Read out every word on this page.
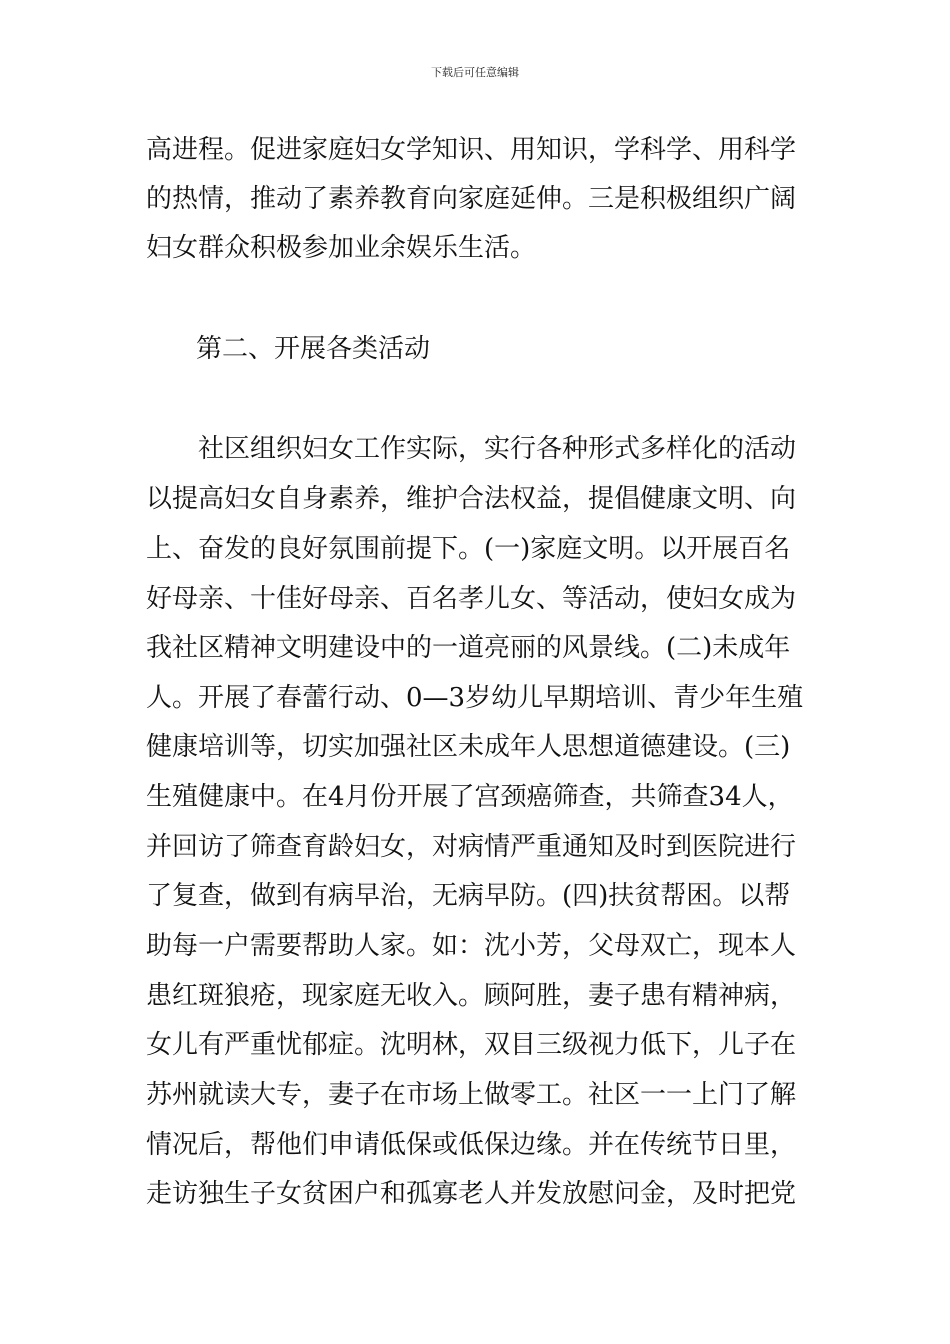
下载后可任意编辑
高进程。促进家庭妇女学知识、用知识，学科学、用科学
的热情，推动了素养教育向家庭延伸。三是积极组织广阔
妇女群众积极参加业余娱乐生活。
第二、开展各类活动
　　社区组织妇女工作实际，实行各种形式多样化的活动
以提高妇女自身素养，维护合法权益，提倡健康文明、向
上、奋发的良好氛围前提下。(一)家庭文明。以开展百名
好母亲、十佳好母亲、百名孝儿女、等活动，使妇女成为
我社区精神文明建设中的一道亮丽的风景线。(二)未成年
人。开展了春蕾行动、0—3岁幼儿早期培训、青少年生殖
健康培训等，切实加强社区未成年人思想道德建设。(三)
生殖健康中。在4月份开展了宫颈癌筛查，共筛查34人，
并回访了筛查育龄妇女，对病情严重通知及时到医院进行
了复查，做到有病早治，无病早防。(四)扶贫帮困。以帮
助每一户需要帮助人家。如：沈小芳，父母双亡，现本人
患红斑狼疮，现家庭无收入。顾阿胜，妻子患有精神病，
女儿有严重忧郁症。沈明林，双目三级视力低下，儿子在
苏州就读大专，妻子在市场上做零工。社区一一上门了解
情况后，帮他们申请低保或低保边缘。并在传统节日里，
走访独生子女贫困户和孤寡老人并发放慰问金，及时把党
